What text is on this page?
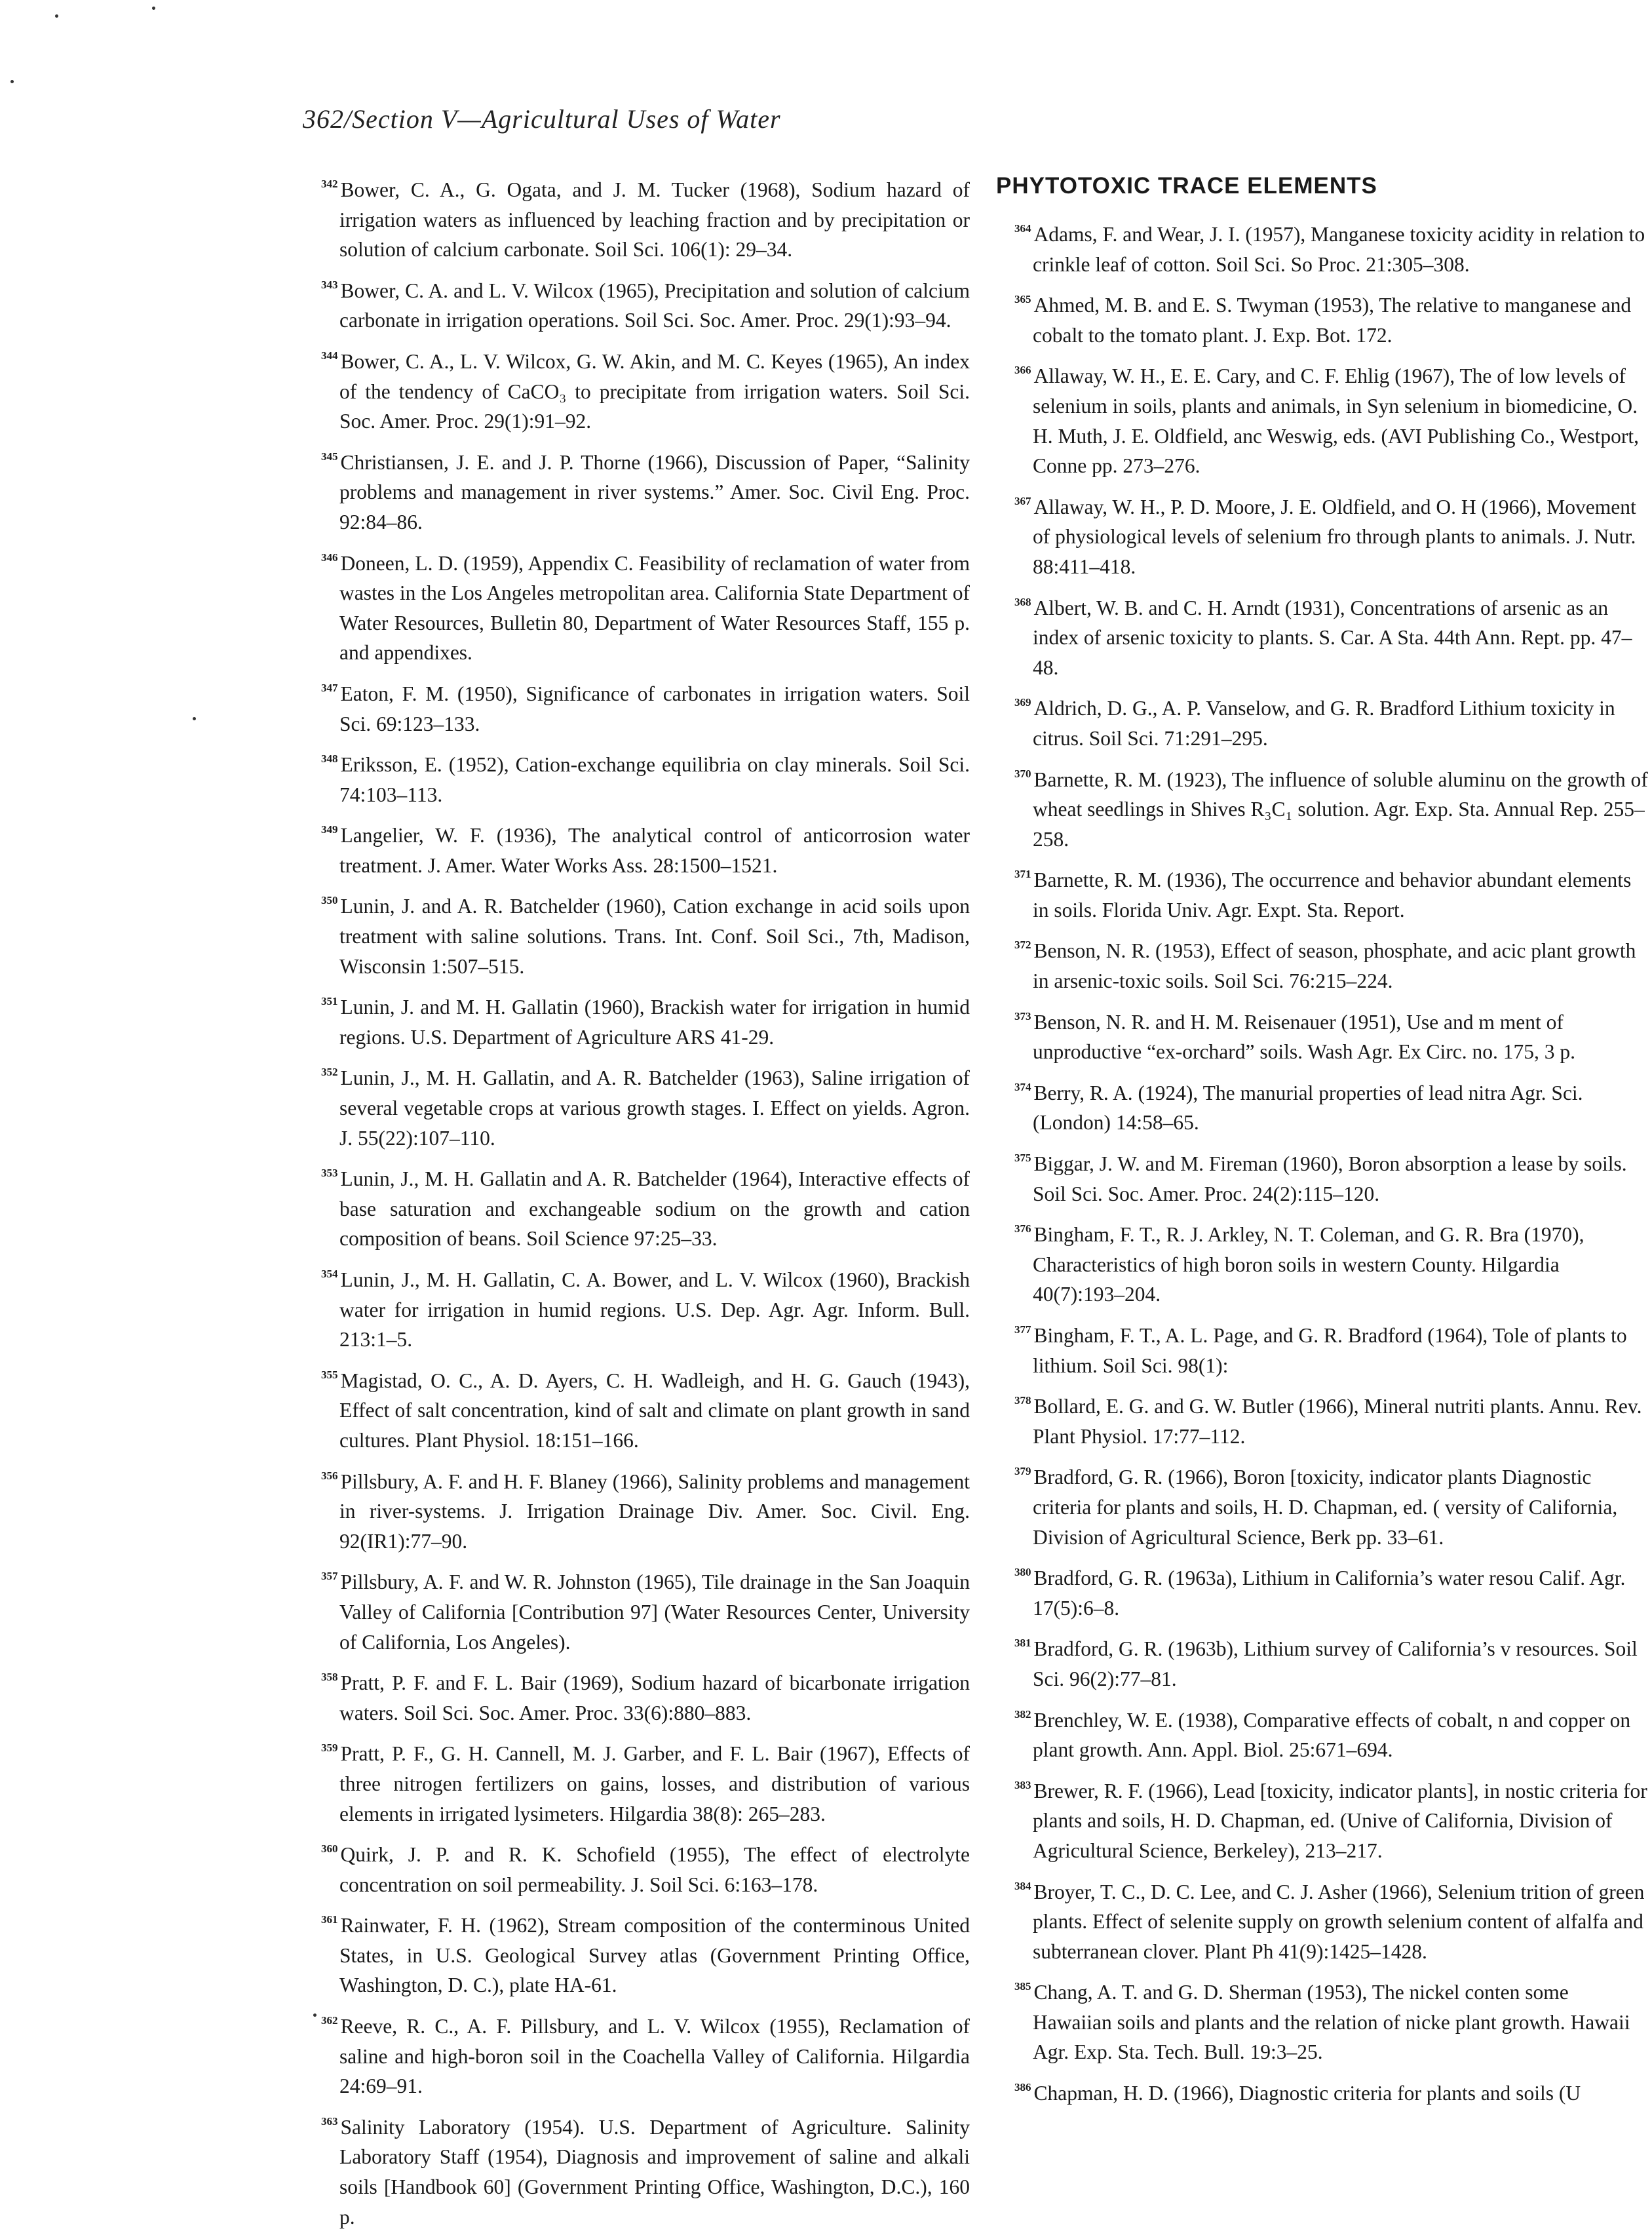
362/Section V—Agricultural Uses of Water
$^{342}$ Bower, C. A., G. Ogata, and J. M. Tucker (1968), Sodium hazard of irrigation waters as influenced by leaching fraction and by precipitation or solution of calcium carbonate. Soil Sci. 106(1): 29–34.
$^{343}$ Bower, C. A. and L. V. Wilcox (1965), Precipitation and solution of calcium carbonate in irrigation operations. Soil Sci. Soc. Amer. Proc. 29(1):93–94.
$^{344}$ Bower, C. A., L. V. Wilcox, G. W. Akin, and M. C. Keyes (1965), An index of the tendency of CaCO₃ to precipitate from irrigation waters. Soil Sci. Soc. Amer. Proc. 29(1):91–92.
$^{345}$ Christiansen, J. E. and J. P. Thorne (1966), Discussion of Paper, “Salinity problems and management in river systems.” Amer. Soc. Civil Eng. Proc. 92:84–86.
$^{346}$ Doneen, L. D. (1959), Appendix C. Feasibility of reclamation of water from wastes in the Los Angeles metropolitan area. California State Department of Water Resources, Bulletin 80, Department of Water Resources Staff, 155 p. and appendixes.
$^{347}$ Eaton, F. M. (1950), Significance of carbonates in irrigation waters. Soil Sci. 69:123–133.
$^{348}$ Eriksson, E. (1952), Cation-exchange equilibria on clay minerals. Soil Sci. 74:103–113.
$^{349}$ Langelier, W. F. (1936), The analytical control of anticorrosion water treatment. J. Amer. Water Works Ass. 28:1500–1521.
$^{350}$ Lunin, J. and A. R. Batchelder (1960), Cation exchange in acid soils upon treatment with saline solutions. Trans. Int. Conf. Soil Sci., 7th, Madison, Wisconsin 1:507–515.
$^{351}$ Lunin, J. and M. H. Gallatin (1960), Brackish water for irrigation in humid regions. U.S. Department of Agriculture ARS 41-29.
$^{352}$ Lunin, J., M. H. Gallatin, and A. R. Batchelder (1963), Saline irrigation of several vegetable crops at various growth stages. I. Effect on yields. Agron. J. 55(22):107–110.
$^{353}$ Lunin, J., M. H. Gallatin and A. R. Batchelder (1964), Interactive effects of base saturation and exchangeable sodium on the growth and cation composition of beans. Soil Science 97:25–33.
$^{354}$ Lunin, J., M. H. Gallatin, C. A. Bower, and L. V. Wilcox (1960), Brackish water for irrigation in humid regions. U.S. Dep. Agr. Agr. Inform. Bull. 213:1–5.
$^{355}$ Magistad, O. C., A. D. Ayers, C. H. Wadleigh, and H. G. Gauch (1943), Effect of salt concentration, kind of salt and climate on plant growth in sand cultures. Plant Physiol. 18:151–166.
$^{356}$ Pillsbury, A. F. and H. F. Blaney (1966), Salinity problems and management in river-systems. J. Irrigation Drainage Div. Amer. Soc. Civil. Eng. 92(IR1):77–90.
$^{357}$ Pillsbury, A. F. and W. R. Johnston (1965), Tile drainage in the San Joaquin Valley of California [Contribution 97] (Water Resources Center, University of California, Los Angeles).
$^{358}$ Pratt, P. F. and F. L. Bair (1969), Sodium hazard of bicarbonate irrigation waters. Soil Sci. Soc. Amer. Proc. 33(6):880–883.
$^{359}$ Pratt, P. F., G. H. Cannell, M. J. Garber, and F. L. Bair (1967), Effects of three nitrogen fertilizers on gains, losses, and distribution of various elements in irrigated lysimeters. Hilgardia 38(8): 265–283.
$^{360}$ Quirk, J. P. and R. K. Schofield (1955), The effect of electrolyte concentration on soil permeability. J. Soil Sci. 6:163–178.
$^{361}$ Rainwater, F. H. (1962), Stream composition of the conterminous United States, in U.S. Geological Survey atlas (Government Printing Office, Washington, D. C.), plate HA-61.
$^{362}$ Reeve, R. C., A. F. Pillsbury, and L. V. Wilcox (1955), Reclamation of saline and high-boron soil in the Coachella Valley of California. Hilgardia 24:69–91.
$^{363}$ Salinity Laboratory (1954). U.S. Department of Agriculture. Salinity Laboratory Staff (1954), Diagnosis and improvement of saline and alkali soils [Handbook 60] (Government Printing Office, Washington, D.C.), 160 p.
PHYTOTOXIC TRACE ELEMENTS
$^{364}$ Adams, F. and Wear, J. I. (1957), Manganese toxicity acidity in relation to crinkle leaf of cotton. Soil Sci. So Proc. 21:305–308.
$^{365}$ Ahmed, M. B. and E. S. Twyman (1953), The relative to manganese and cobalt to the tomato plant. J. Exp. Bot. 172.
$^{366}$ Allaway, W. H., E. E. Cary, and C. F. Ehlig (1967), The of low levels of selenium in soils, plants and animals, in Syn selenium in biomedicine, O. H. Muth, J. E. Oldfield, anc Weswig, eds. (AVI Publishing Co., Westport, Conne pp. 273–276.
$^{367}$ Allaway, W. H., P. D. Moore, J. E. Oldfield, and O. H (1966), Movement of physiological levels of selenium fro through plants to animals. J. Nutr. 88:411–418.
$^{368}$ Albert, W. B. and C. H. Arndt (1931), Concentrations of arsenic as an index of arsenic toxicity to plants. S. Car. A Sta. 44th Ann. Rept. pp. 47–48.
$^{369}$ Aldrich, D. G., A. P. Vanselow, and G. R. Bradford Lithium toxicity in citrus. Soil Sci. 71:291–295.
$^{370}$ Barnette, R. M. (1923), The influence of soluble aluminu on the growth of wheat seedlings in Shives R₃C₁ solution. Agr. Exp. Sta. Annual Rep. 255–258.
$^{371}$ Barnette, R. M. (1936), The occurrence and behavior abundant elements in soils. Florida Univ. Agr. Expt. Sta. Report.
$^{372}$ Benson, N. R. (1953), Effect of season, phosphate, and acic plant growth in arsenic-toxic soils. Soil Sci. 76:215–224.
$^{373}$ Benson, N. R. and H. M. Reisenauer (1951), Use and m ment of unproductive “ex-orchard” soils. Wash Agr. Ex Circ. no. 175, 3 p.
$^{374}$ Berry, R. A. (1924), The manurial properties of lead nitra Agr. Sci. (London) 14:58–65.
$^{375}$ Biggar, J. W. and M. Fireman (1960), Boron absorption a lease by soils. Soil Sci. Soc. Amer. Proc. 24(2):115–120.
$^{376}$ Bingham, F. T., R. J. Arkley, N. T. Coleman, and G. R. Bra (1970), Characteristics of high boron soils in western County. Hilgardia 40(7):193–204.
$^{377}$ Bingham, F. T., A. L. Page, and G. R. Bradford (1964), Tole of plants to lithium. Soil Sci. 98(1):
$^{378}$ Bollard, E. G. and G. W. Butler (1966), Mineral nutriti plants. Annu. Rev. Plant Physiol. 17:77–112.
$^{379}$ Bradford, G. R. (1966), Boron [toxicity, indicator plants Diagnostic criteria for plants and soils, H. D. Chapman, ed. ( versity of California, Division of Agricultural Science, Berk pp. 33–61.
$^{380}$ Bradford, G. R. (1963a), Lithium in California’s water resou Calif. Agr. 17(5):6–8.
$^{381}$ Bradford, G. R. (1963b), Lithium survey of California’s v resources. Soil Sci. 96(2):77–81.
$^{382}$ Brenchley, W. E. (1938), Comparative effects of cobalt, n and copper on plant growth. Ann. Appl. Biol. 25:671–694.
$^{383}$ Brewer, R. F. (1966), Lead [toxicity, indicator plants], in nostic criteria for plants and soils, H. D. Chapman, ed. (Unive of California, Division of Agricultural Science, Berkeley), 213–217.
$^{384}$ Broyer, T. C., D. C. Lee, and C. J. Asher (1966), Selenium trition of green plants. Effect of selenite supply on growth selenium content of alfalfa and subterranean clover. Plant Ph 41(9):1425–1428.
$^{385}$ Chang, A. T. and G. D. Sherman (1953), The nickel conten some Hawaiian soils and plants and the relation of nicke plant growth. Hawaii Agr. Exp. Sta. Tech. Bull. 19:3–25.
$^{386}$ Chapman, H. D. (1966), Diagnostic criteria for plants and soils (U
